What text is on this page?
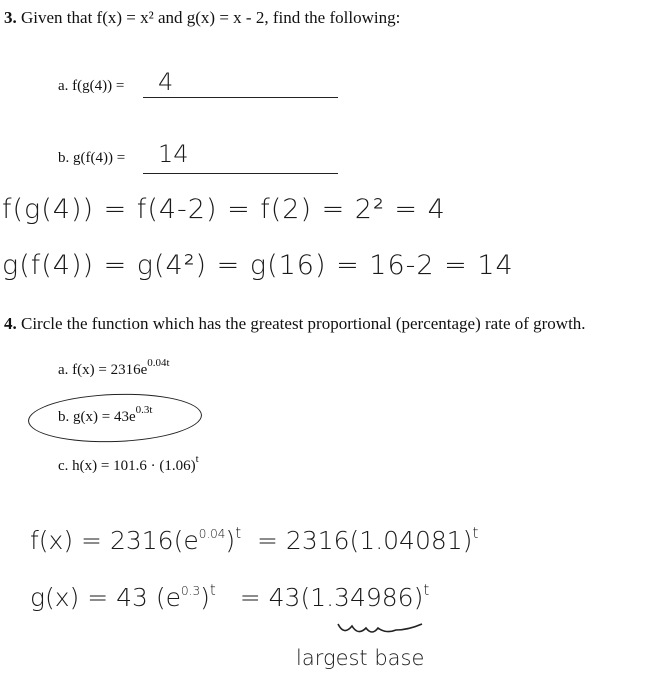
3. Given that f(x) = x² and g(x) = x - 2, find the following:
a. f(g(4)) = 4
b. g(f(4)) = 14
f(g(4)) = f(4-2) = f(2) = 2² = 4
g(f(4)) = g(4²) = g(16) = 16-2 = 14
4. Circle the function which has the greatest proportional (percentage) rate of growth.
a. $f(x) = 2316e^{0.04t}$
b. $g(x) = 43e^{0.3t}$
c. $h(x) = 101.6 \cdot (1.06)^t$
$f(x) = 2316(e^{0.04})^t = 2316(1.04081)^t$
g(x) = 43 $(e^{0.3})^t = 43(1.34986)^t$
largest base
